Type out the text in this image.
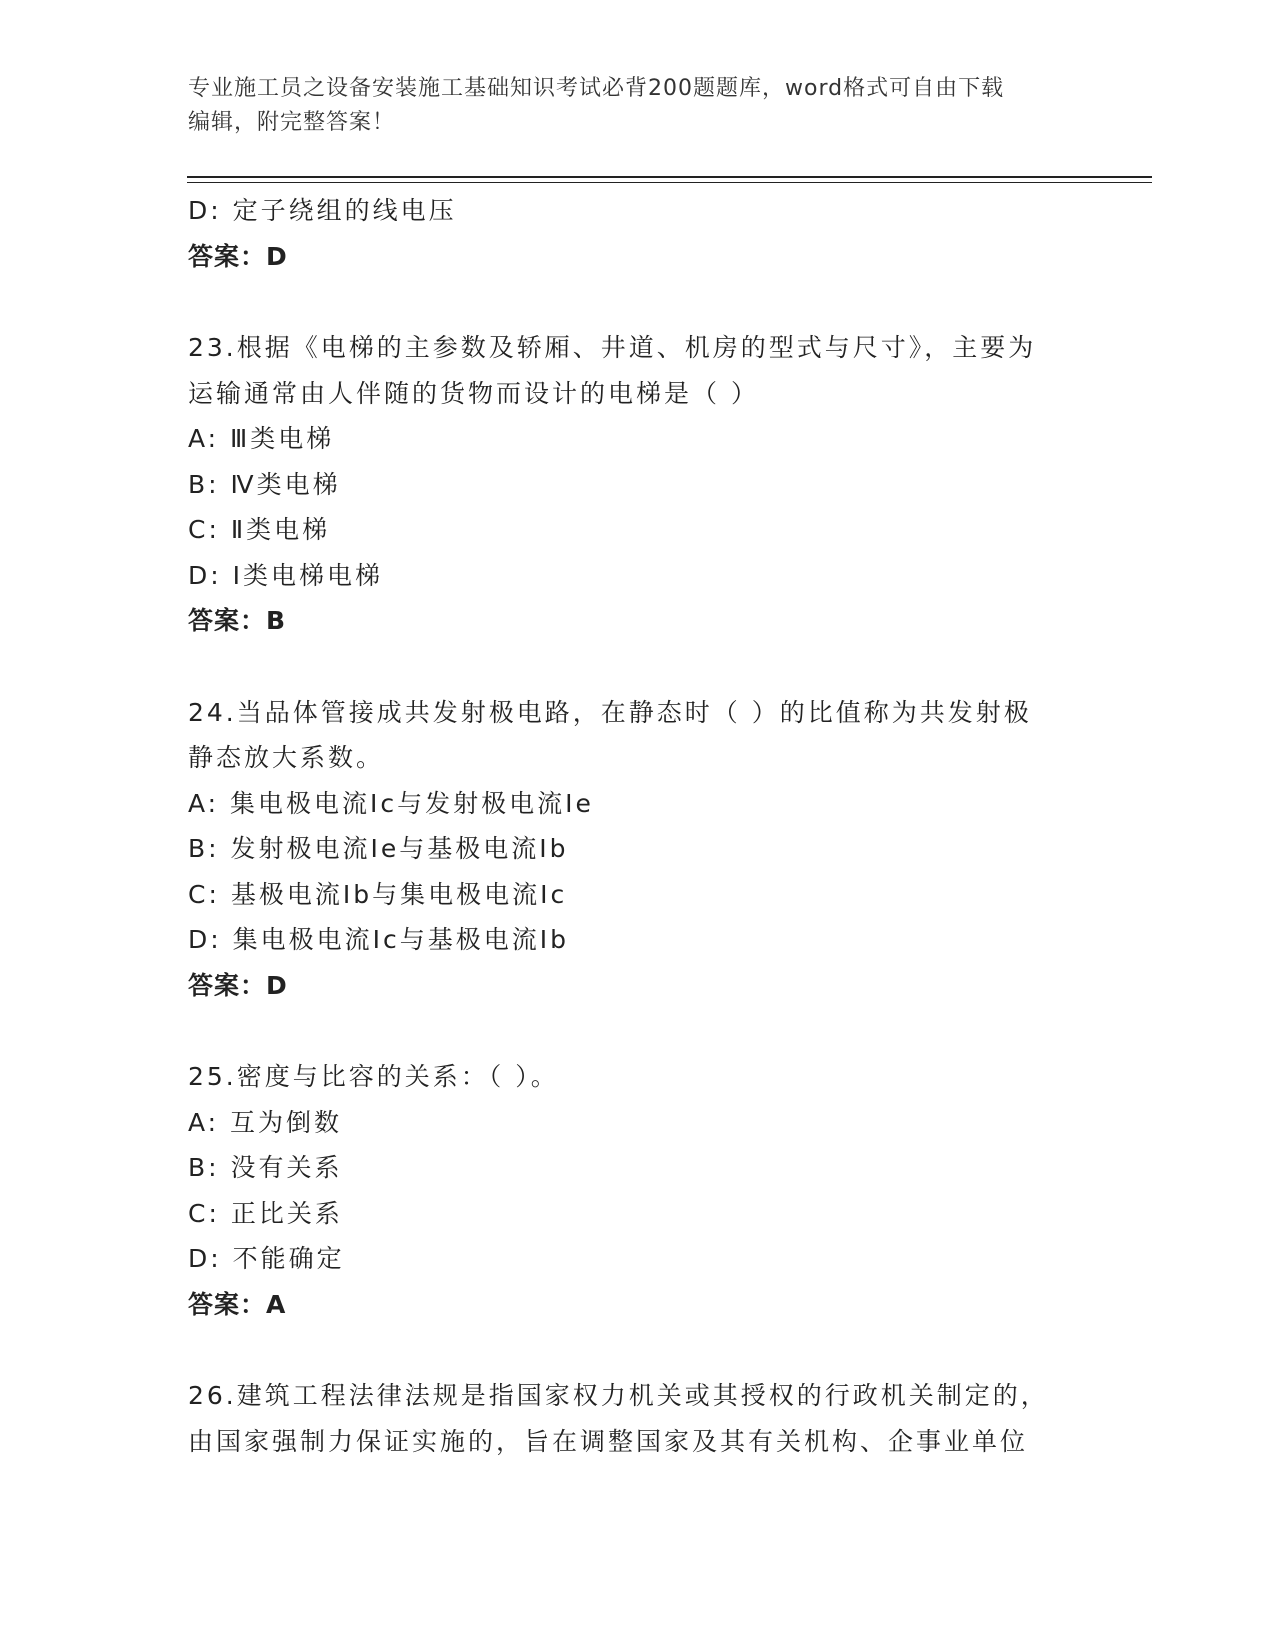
专业施工员之设备安装施工基础知识考试必背200题题库，word格式可自由下载
编辑，附完整答案！
D: 定子绕组的线电压
答案：D
23.根据《电梯的主参数及轿厢、井道、机房的型式与尺寸》，主要为
运输通常由人伴随的货物而设计的电梯是（ ）
A: Ⅲ类电梯
B: Ⅳ类电梯
C: Ⅱ类电梯
D: Ⅰ类电梯电梯
答案：B
24.当品体管接成共发射极电路，在静态时（ ）的比值称为共发射极
静态放大系数。
A: 集电极电流Ic与发射极电流Ie
B: 发射极电流Ie与基极电流Ib
C: 基极电流Ib与集电极电流Ic
D: 集电极电流Ic与基极电流Ib
答案：D
25.密度与比容的关系：（ ）。
A: 互为倒数
B: 没有关系
C: 正比关系
D: 不能确定
答案：A
26.建筑工程法律法规是指国家权力机关或其授权的行政机关制定的，
由国家强制力保证实施的，旨在调整国家及其有关机构、企事业单位
